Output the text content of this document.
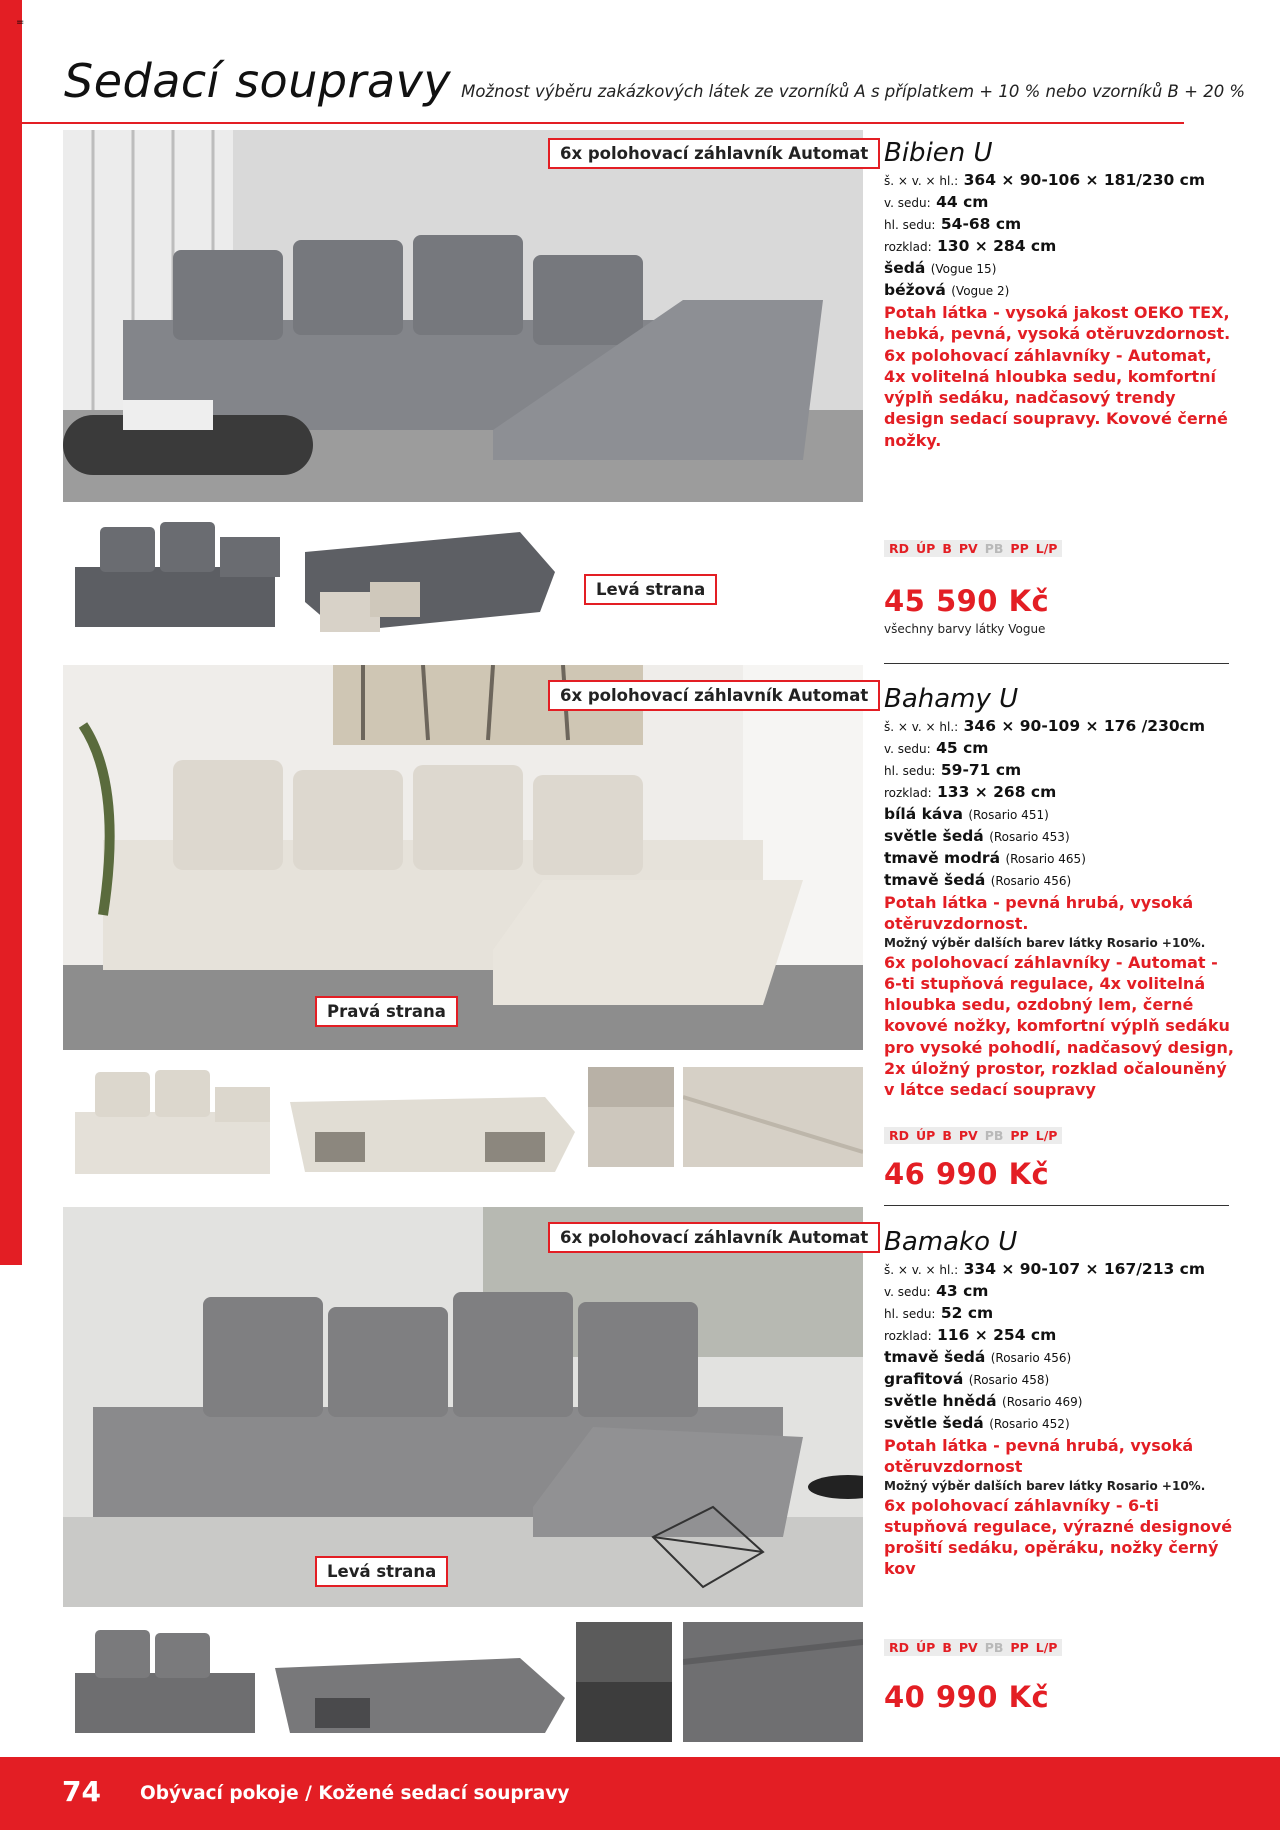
=
Sedací soupravy Možnost výběru zakázkových látek ze vzorníků A s příplatkem + 10 % nebo vzorníků B + 20 %
6x polohovací záhlavník Automat
Levá strana
Bibien U
š. × v. × hl.: 364 × 90-106 × 181/230 cm
v. sedu: 44 cm
hl. sedu: 54-68 cm
rozklad: 130 × 284 cm
šedá (Vogue 15)
béžová (Vogue 2)
Potah látka - vysoká jakost OEKO TEX, hebká, pevná, vysoká otěruvzdornost.
6x polohovací záhlavníky - Automat, 4x volitelná hloubka sedu, komfortní výplň sedáku, nadčasový trendy design sedací soupravy. Kovové černé nožky.
RD ÚP B PV PB PP L/P
45 590 Kč
všechny barvy látky Vogue
6x polohovací záhlavník Automat
Pravá strana
Bahamy U
š. × v. × hl.: 346 × 90-109 × 176 /230cm
v. sedu: 45 cm
hl. sedu: 59-71 cm
rozklad: 133 × 268 cm
bílá káva (Rosario 451)
světle šedá (Rosario 453)
tmavě modrá (Rosario 465)
tmavě šedá (Rosario 456)
Potah látka - pevná hrubá, vysoká otěruvzdornost.
Možný výběr dalších barev látky Rosario +10%.
6x polohovací záhlavníky - Automat - 6-ti stupňová regulace, 4x volitelná hloubka sedu, ozdobný lem, černé kovové nožky, komfortní výplň sedáku pro vysoké pohodlí, nadčasový design, 2x úložný prostor, rozklad očalouněný v látce sedací soupravy
RD ÚP B PV PB PP L/P
46 990 Kč
6x polohovací záhlavník Automat
Levá strana
Bamako U
š. × v. × hl.: 334 × 90-107 × 167/213 cm
v. sedu: 43 cm
hl. sedu: 52 cm
rozklad: 116 × 254 cm
tmavě šedá (Rosario 456)
grafitová (Rosario 458)
světle hnědá (Rosario 469)
světle šedá (Rosario 452)
Potah látka - pevná hrubá, vysoká otěruvzdornost
Možný výběr dalších barev látky Rosario +10%.
6x polohovací záhlavníky - 6-ti stupňová regulace, výrazné designové prošití sedáku, opěráku, nožky černý kov
RD ÚP B PV PB PP L/P
40 990 Kč
74 Obývací pokoje / Kožené sedací soupravy
